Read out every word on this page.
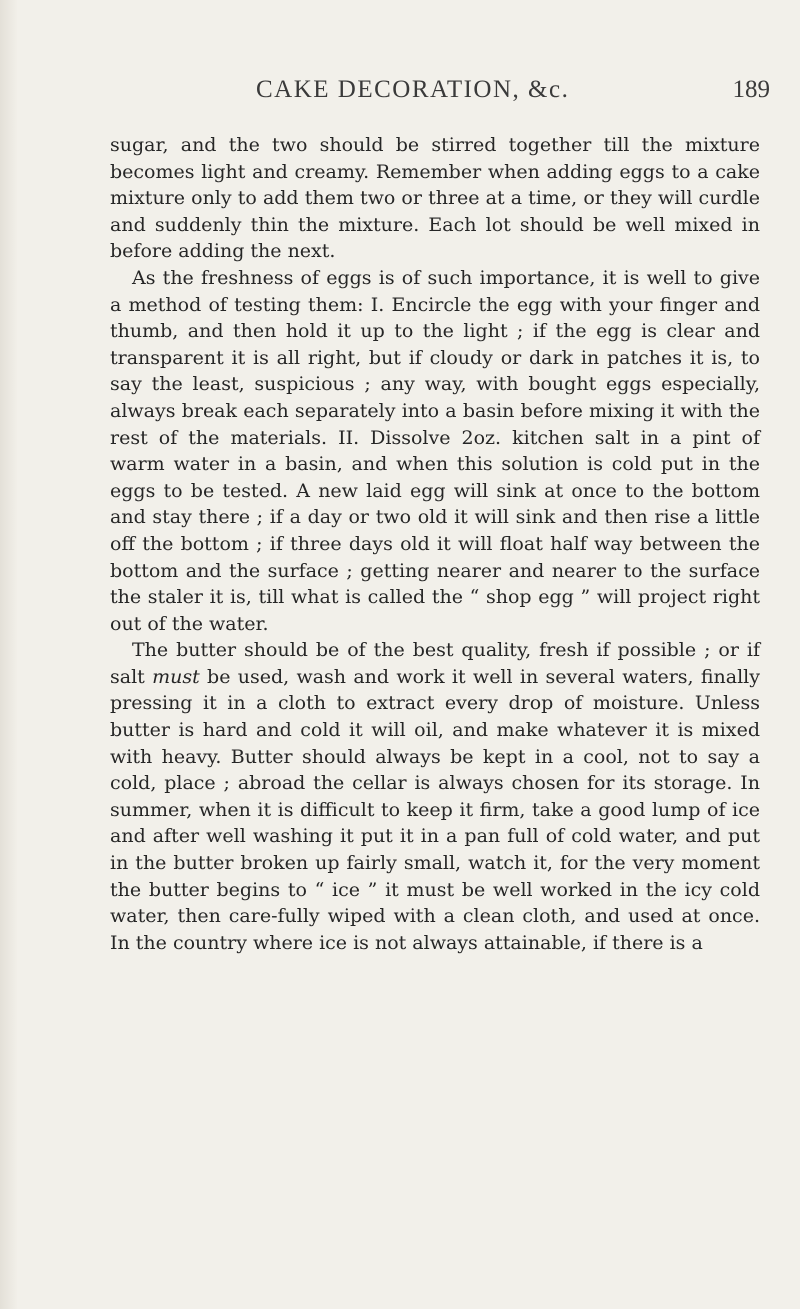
CAKE DECORATION, &c.	189

sugar, and the two should be stirred together till the mixture becomes light and creamy. Remember when adding eggs to a cake mixture only to add them two or three at a time, or they will curdle and suddenly thin the mixture. Each lot should be well mixed in before adding the next.

As the freshness of eggs is of such importance, it is well to give a method of testing them: I. Encircle the egg with your finger and thumb, and then hold it up to the light ; if the egg is clear and transparent it is all right, but if cloudy or dark in patches it is, to say the least, suspicious ; any way, with bought eggs especially, always break each separately into a basin before mixing it with the rest of the materials. II. Dissolve 2oz. kitchen salt in a pint of warm water in a basin, and when this solution is cold put in the eggs to be tested. A new laid egg will sink at once to the bottom and stay there ; if a day or two old it will sink and then rise a little off the bottom ; if three days old it will float half way between the bottom and the surface ; getting nearer and nearer to the surface the staler it is, till what is called the “ shop egg ” will project right out of the water.

The butter should be of the best quality, fresh if possible ; or if salt must be used, wash and work it well in several waters, finally pressing it in a cloth to extract every drop of moisture. Unless butter is hard and cold it will oil, and make whatever it is mixed with heavy. Butter should always be kept in a cool, not to say a cold, place ; abroad the cellar is always chosen for its storage. In summer, when it is difficult to keep it firm, take a good lump of ice and after well washing it put it in a pan full of cold water, and put in the butter broken up fairly small, watch it, for the very moment the butter begins to “ ice ” it must be well worked in the icy cold water, then care-fully wiped with a clean cloth, and used at once. In the country where ice is not always attainable, if there is a
